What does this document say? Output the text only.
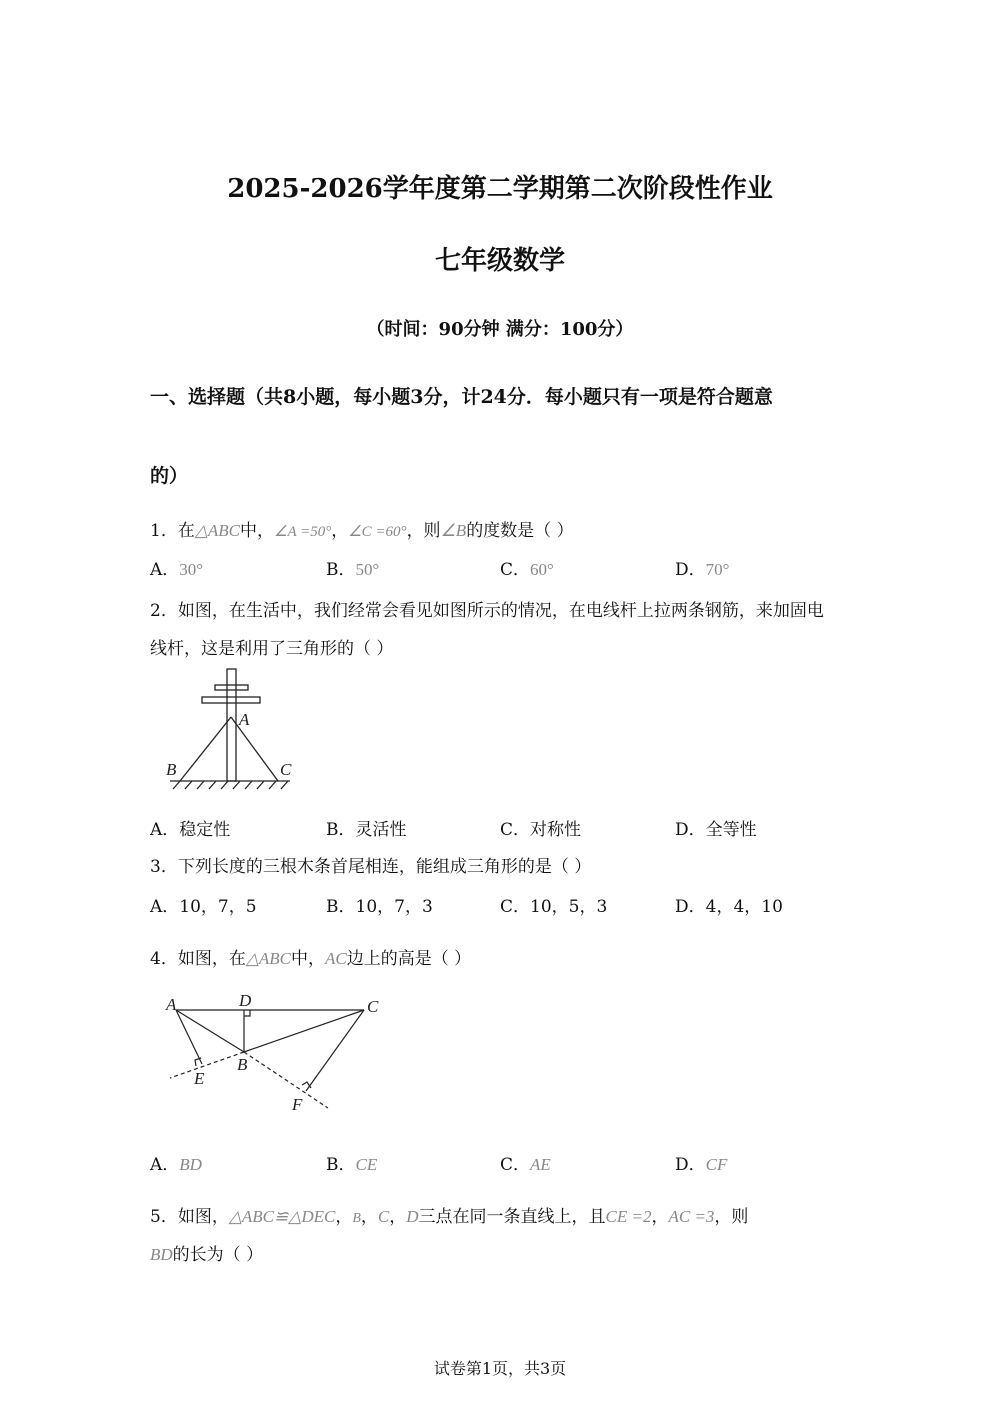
2025-2026学年度第二学期第二次阶段性作业
七年级数学
（时间：90分钟 满分：100分）
一、选择题（共8小题，每小题3分，计24分．每小题只有一项是符合题意
的）
1．在△ABC中，∠A =50°，∠C =60°，则∠B的度数是（ ）
A．30°	B．50°	C．60°	D．70°
2．如图，在生活中，我们经常会看见如图所示的情况，在电线杆上拉两条钢筋，来加固电
线杆，这是利用了三角形的（ ）
A
B	C
A．稳定性	B．灵活性	C．对称性	D．全等性
3．下列长度的三根木条首尾相连，能组成三角形的是（ ）
A．10，7，5	B．10，7，3	C．10，5，3	D．4，4，10
4．如图，在△ABC中，AC边上的高是（ ）
A	D	C
B
E
F
A．BD	B．CE	C．AE	D．CF
5．如图，△ABC≌△DEC，B，C，D三点在同一条直线上，且CE =2，AC =3，则
BD的长为（ ）
试卷第1页，共3页
